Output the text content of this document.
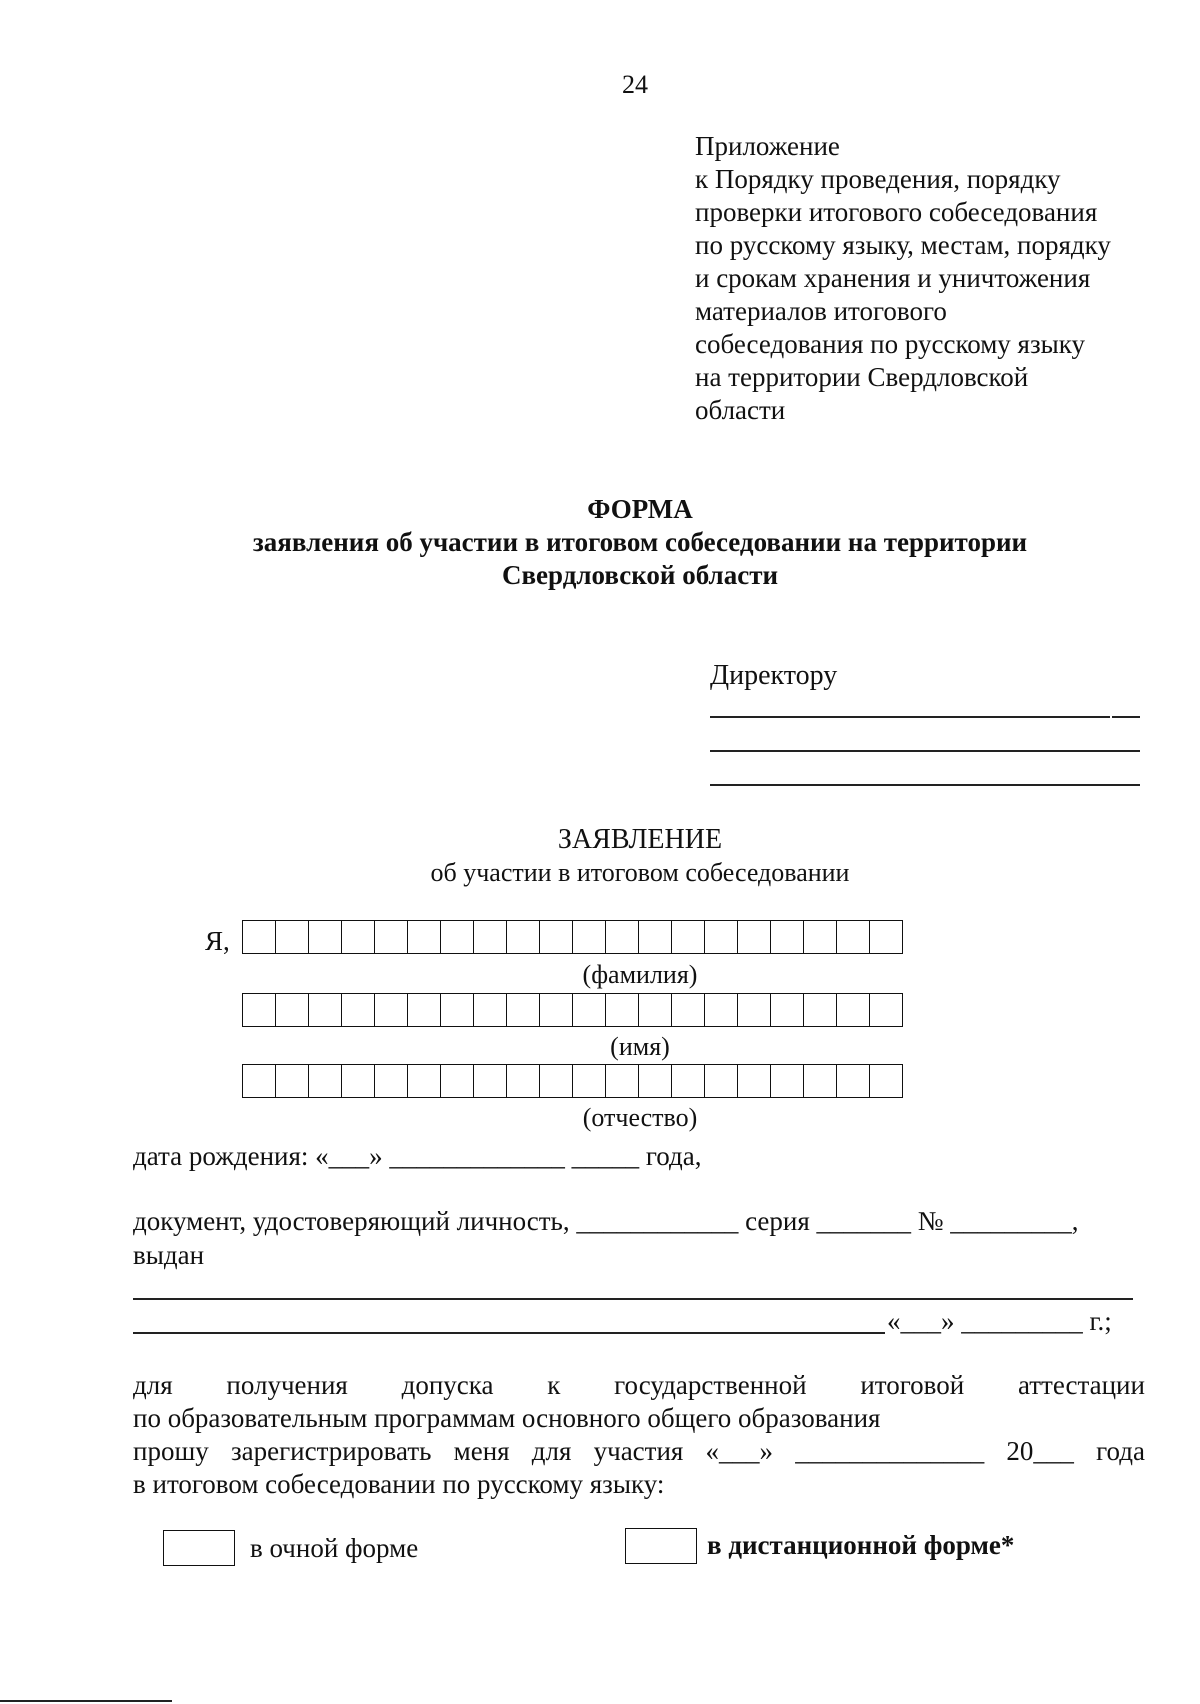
24
Приложение
к Порядку проведения, порядку
проверки итогового собеседования
по русскому языку, местам, порядку
и срокам хранения и уничтожения
материалов итогового
собеседования по русскому языку
на территории Свердловской
области
ФОРМА
заявления об участии в итоговом собеседовании на территории
Свердловской области
Директору
ЗАЯВЛЕНИЕ
об участии в итоговом собеседовании
Я,
(фамилия)
(имя)
(отчество)
дата рождения: «___» _____________ _____ года,
документ, удостоверяющий личность, ____________ серия _______ № _________,
выдан
«___» _________ г.;
для получения допуска к государственной итоговой аттестации
по образовательным программам основного общего образования
прошу зарегистрировать меня для участия «___» ______________ 20___ года
в итоговом собеседовании по русскому языку:
в очной форме	в дистанционной форме*
